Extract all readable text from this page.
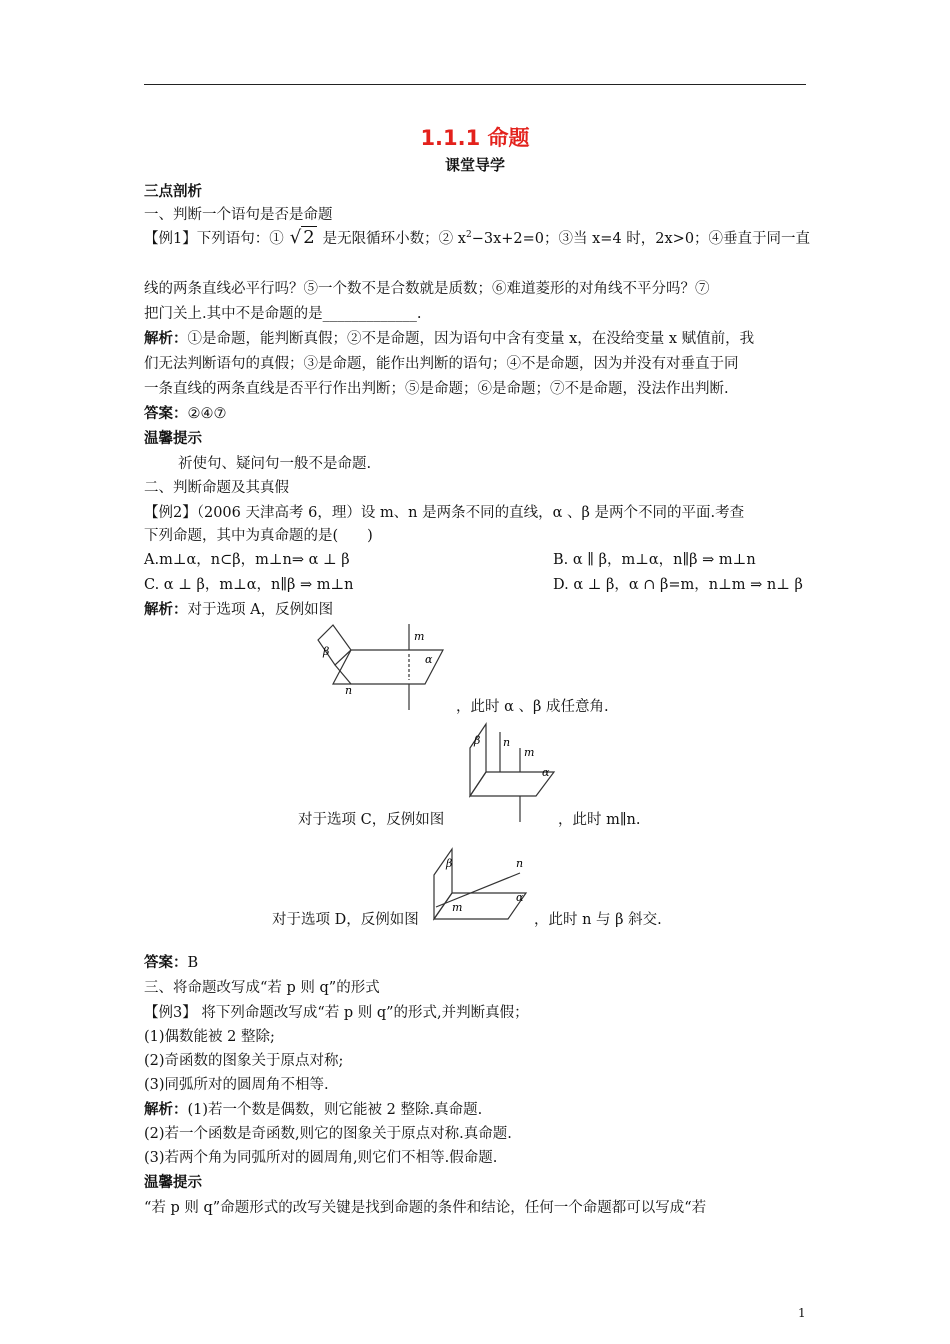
1.1.1 命题
课堂导学
三点剖析
一、判断一个语句是否是命题
【例1】下列语句：① √ 2 是无限循环小数；② $x^2-3x+2=0$；③当 x=4 时，2x>0；④垂直于同一直
线的两条直线必平行吗？⑤一个数不是合数就是质数；⑥难道菱形的对角线不平分吗？⑦
把门关上.其中不是命题的是_____________.
解析：①是命题，能判断真假；②不是命题，因为语句中含有变量 x，在没给变量 x 赋值前，我
们无法判断语句的真假；③是命题，能作出判断的语句；④不是命题，因为并没有对垂直于同
一条直线的两条直线是否平行作出判断；⑤是命题；⑥是命题；⑦不是命题，没法作出判断.
答案：②④⑦
温馨提示
祈使句、疑问句一般不是命题.
二、判断命题及其真假
【例2】（2006 天津高考 6，理）设 m、n 是两条不同的直线，α 、β 是两个不同的平面.考查
下列命题，其中为真命题的是(　　)
A.m⊥α，n⊂β，m⊥n⇒ α ⊥ β	B. α ∥ β，m⊥α，n∥β ⇒ m⊥n
C. α ⊥ β，m⊥α，n∥β ⇒ m⊥n	D. α ⊥ β，α ∩ β=m，n⊥m ⇒ n⊥ β
解析：对于选项 A，反例如图
β
m
α
n
，此时 α 、β 成任意角.
β n
m
α
对于选项 C，反例如图	，此时 m∥n.
β	n
m
α
对于选项 D，反例如图	，此时 n 与 β 斜交.
答案：B
三、将命题改写成“若 p 则 q”的形式
【例3】 将下列命题改写成“若 p 则 q”的形式,并判断真假；
(1)偶数能被 2 整除;
(2)奇函数的图象关于原点对称;
(3)同弧所对的圆周角不相等.
解析：(1)若一个数是偶数，则它能被 2 整除.真命题.
(2)若一个函数是奇函数,则它的图象关于原点对称.真命题.
(3)若两个角为同弧所对的圆周角,则它们不相等.假命题.
温馨提示
“若 p 则 q”命题形式的改写关键是找到命题的条件和结论，任何一个命题都可以写成“若
1
